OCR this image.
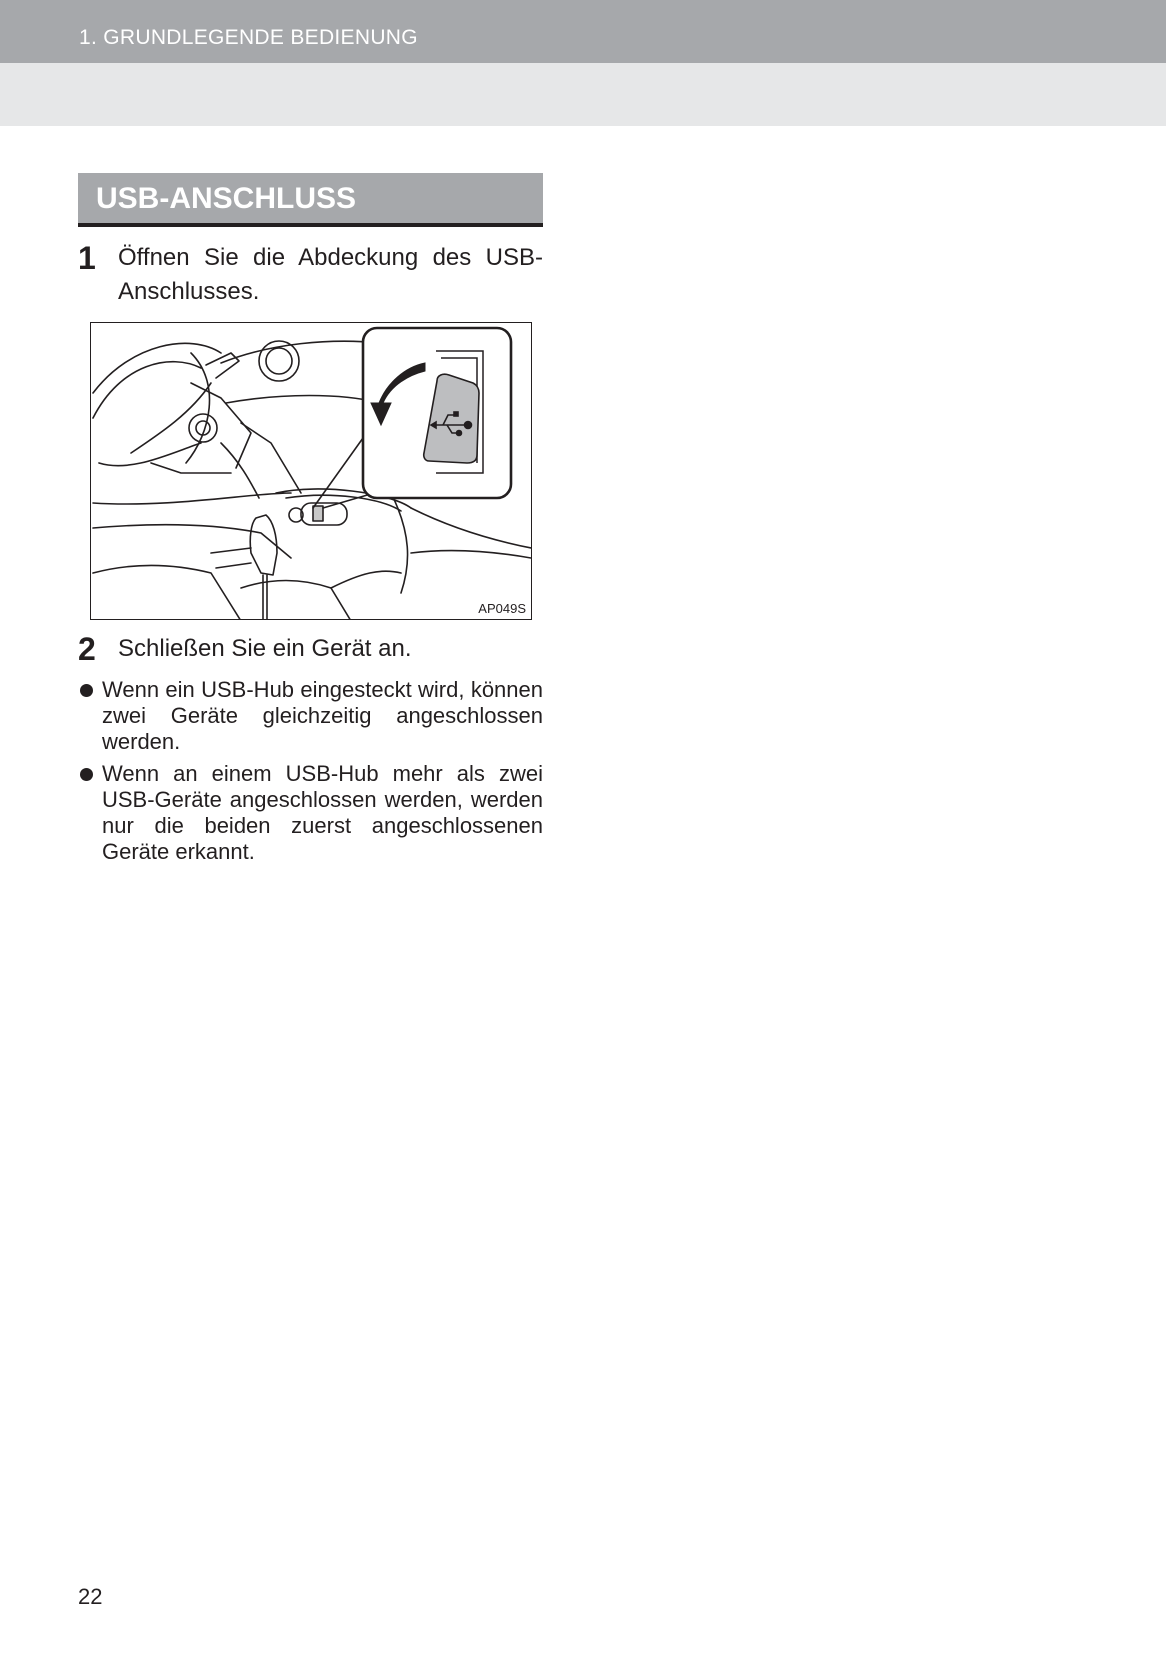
1. GRUNDLEGENDE BEDIENUNG
USB-ANSCHLUSS
1 Öffnen Sie die Abdeckung des USB-Anschlusses.
AP049S
2 Schließen Sie ein Gerät an.
Wenn ein USB-Hub eingesteckt wird, können zwei Geräte gleichzeitig angeschlossen werden.
Wenn an einem USB-Hub mehr als zwei USB-Geräte angeschlossen werden, werden nur die beiden zuerst angeschlossenen Geräte erkannt.
22
